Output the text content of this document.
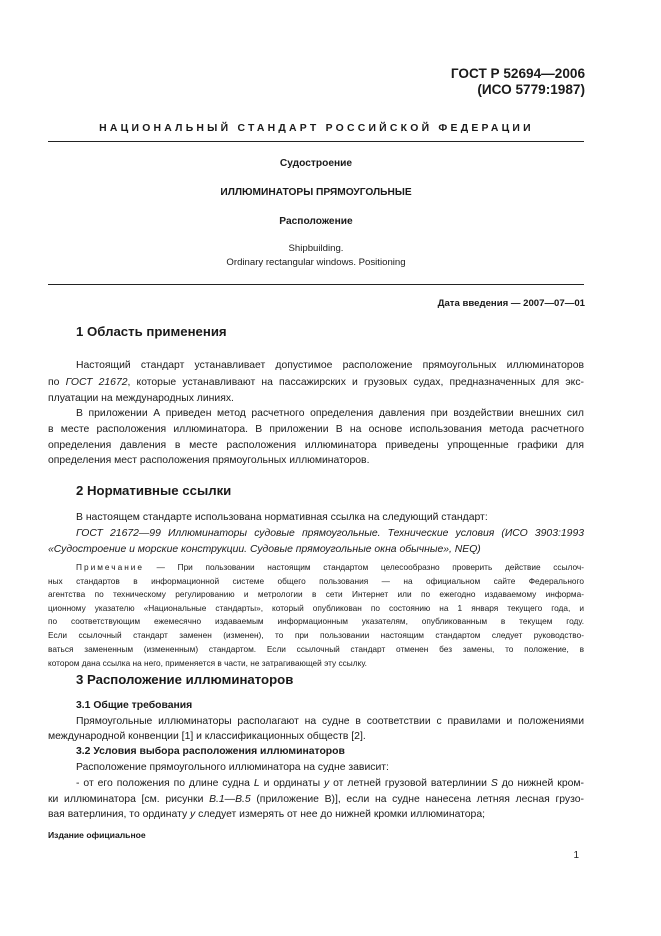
ГОСТ Р 52694—2006
(ИСО 5779:1987)
НАЦИОНАЛЬНЫЙ СТАНДАРТ РОССИЙСКОЙ ФЕДЕРАЦИИ
Судостроение
ИЛЛЮМИНАТОРЫ ПРЯМОУГОЛЬНЫЕ
Расположение
Shipbuilding.
Ordinary rectangular windows. Positioning
Дата введения — 2007—07—01
1 Область применения
Настоящий стандарт устанавливает допустимое расположение прямоугольных иллюминаторов
по ГОСТ 21672, которые устанавливают на пассажирских и грузовых судах, предназначенных для экс-
плуатации на международных линиях.
В приложении А приведен метод расчетного определения давления при воздействии внешних сил
в месте расположения иллюминатора. В приложении В на основе использования метода расчетного
определения давления в месте расположения иллюминатора приведены упрощенные графики для
определения мест расположения прямоугольных иллюминаторов.
2 Нормативные ссылки
В настоящем стандарте использована нормативная ссылка на следующий стандарт:
ГОСТ 21672—99 Иллюминаторы судовые прямоугольные. Технические условия (ИСО 3903:1993
«Судостроение и морские конструкции. Судовые прямоугольные окна обычные», NEQ)
Примечание — При пользовании настоящим стандартом целесообразно проверить действие ссылоч-
ных стандартов в информационной системе общего пользования — на официальном сайте Федерального
агентства по техническому регулированию и метрологии в сети Интернет или по ежегодно издаваемому информа-
ционному указателю «Национальные стандарты», который опубликован по состоянию на 1 января текущего года, и
по соответствующим ежемесячно издаваемым информационным указателям, опубликованным в текущем году.
Если ссылочный стандарт заменен (изменен), то при пользовании настоящим стандартом следует руководство-
ваться замененным (измененным) стандартом. Если ссылочный стандарт отменен без замены, то положение, в
котором дана ссылка на него, применяется в части, не затрагивающей эту ссылку.
3 Расположение иллюминаторов
3.1 Общие требования
Прямоугольные иллюминаторы располагают на судне в соответствии с правилами и положениями
международной конвенции [1] и классификационных обществ [2].
3.2 Условия выбора расположения иллюминаторов
Расположение прямоугольного иллюминатора на судне зависит:
- от его положения по длине судна L и ординаты y от летней грузовой ватерлинии S до нижней кром-
ки иллюминатора [см. рисунки В.1—В.5 (приложение В)], если на судне нанесена летняя лесная грузо-
вая ватерлиния, то ординату y следует измерять от нее до нижней кромки иллюминатора;
Издание официальное
1
